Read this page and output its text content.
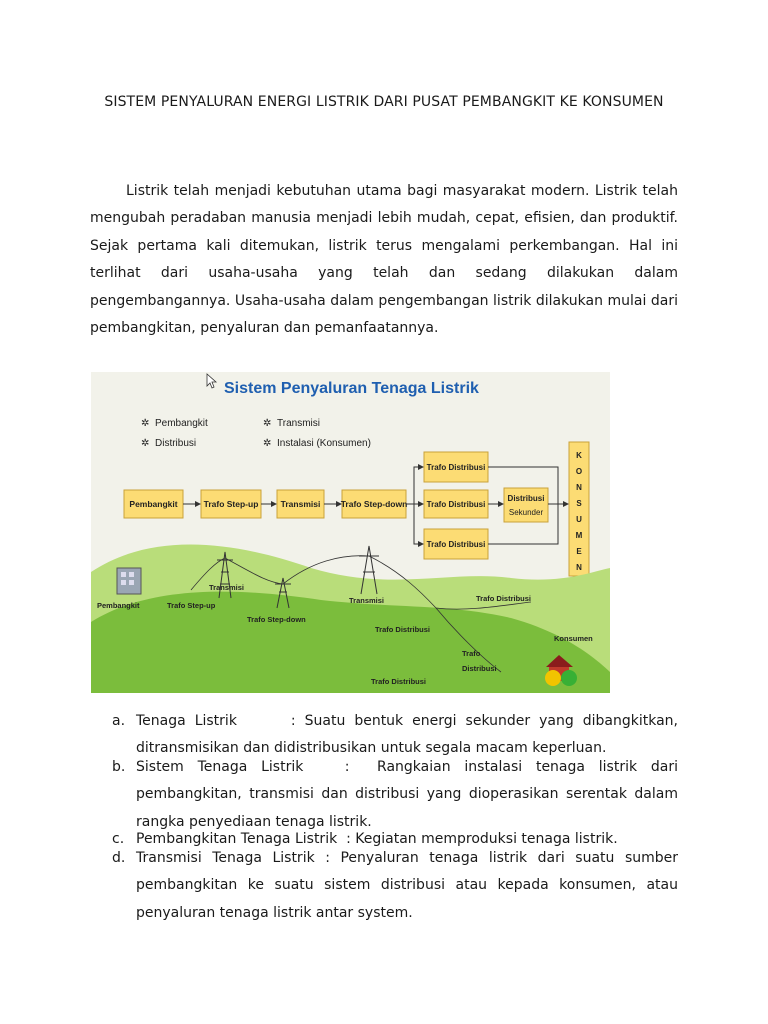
SISTEM PENYALURAN ENERGI LISTRIK DARI PUSAT PEMBANGKIT KE KONSUMEN

Listrik telah menjadi kebutuhan utama bagi masyarakat modern. Listrik telah mengubah peradaban manusia menjadi lebih mudah, cepat, efisien, dan produktif. Sejak pertama kali ditemukan, listrik terus mengalami perkembangan. Hal ini terlihat dari usaha-usaha yang telah dan sedang dilakukan dalam pengembangannya. Usaha-usaha dalam pengembangan listrik dilakukan mulai dari pembangkitan, penyaluran dan pemanfaatannya.

Sistem Penyaluran Tenaga Listrik
✲ Pembangkit	✲ Transmisi
✲ Distribusi	✲ Instalasi (Konsumen)
Pembangkit	Trafo Step-up	Transmisi Trafo Step-down
Trafo Distribusi
Trafo Distribusi
Trafo Distribusi
Distribusi
Sekunder
K
O
N
S
U
M
E
N
Pembangkit	Trafo Step-up
Transmisi
Trafo Step-down
Transmisi	Trafo Distribusi
Trafo Distribusi
Trafo
Distribusi
Trafo Distribusi
Konsumen
a. Tenaga Listrik      : Suatu bentuk energi sekunder yang dibangkitkan, ditransmisikan dan didistribusikan untuk segala macam keperluan.
b. Sistem Tenaga Listrik   :  Rangkaian instalasi tenaga listrik dari pembangkitan, transmisi dan distribusi yang dioperasikan serentak dalam rangka penyediaan tenaga listrik.
c. Pembangkitan Tenaga Listrik  : Kegiatan memproduksi tenaga listrik.
d. Transmisi Tenaga Listrik : Penyaluran tenaga listrik dari suatu sumber pembangkitan ke suatu sistem distribusi atau kepada konsumen, atau penyaluran tenaga listrik antar system.
